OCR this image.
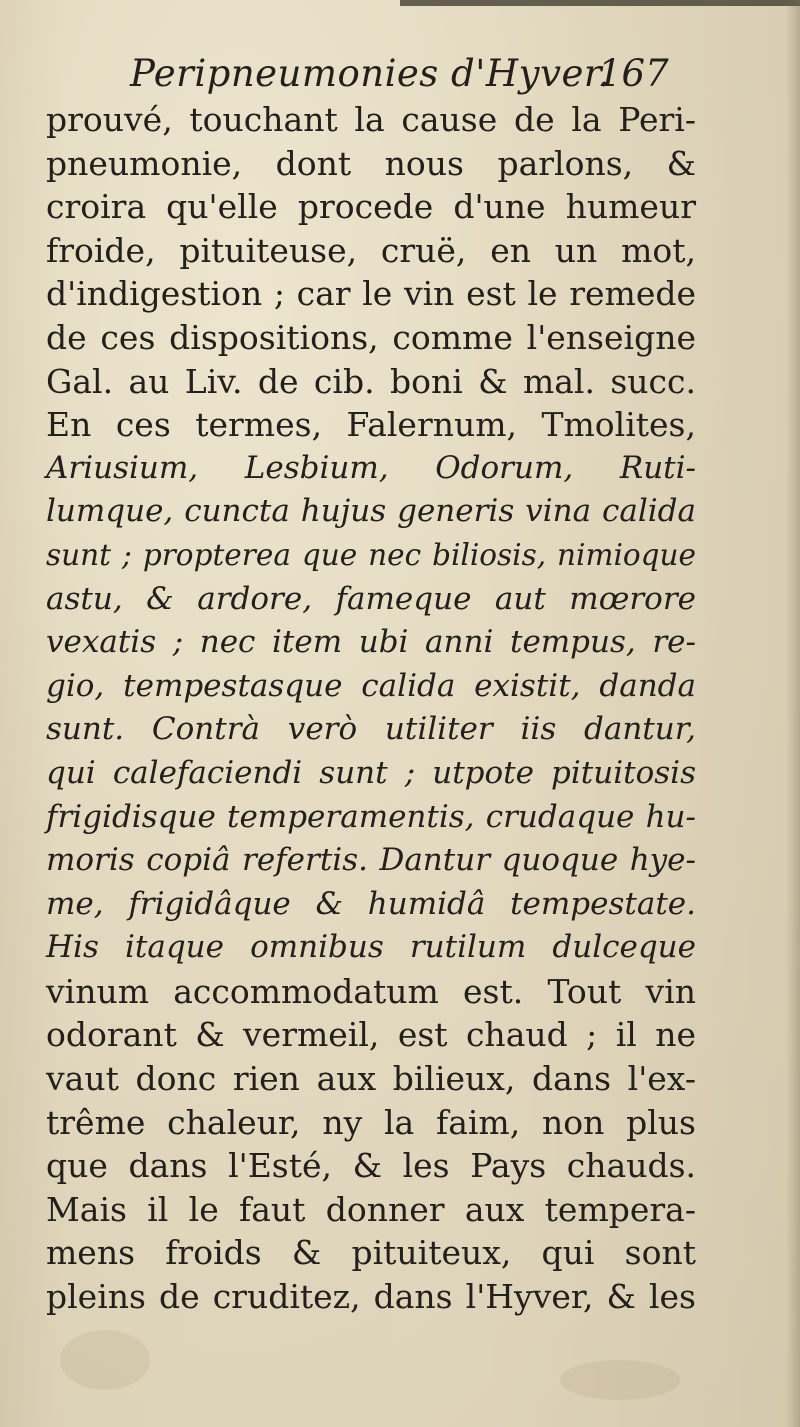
Peripneumonies d'Hyver.
167
prouvé, touchant la cause de la Peri-
pneumonie, dont nous parlons, &
croira qu'elle procede d'une humeur
froide, pituiteuse, cruë, en un mot,
d'indigestion ; car le vin est le remede
de ces dispositions, comme l'enseigne
Gal. au Liv. de cib. boni & mal. succ.
En ces termes, Falernum, Tmolites,
Ariusium, Lesbium, Odorum, Ruti-
lumque, cuncta hujus generis vina calida
sunt ; propterea que nec biliosis, nimioque
astu, & ardore, fameque aut mœrore
vexatis ; nec item ubi anni tempus, re-
gio, tempestasque calida existit, danda
sunt. Contrà verò utiliter iis dantur,
qui calefaciendi sunt ; utpote pituitosis
frigidisque temperamentis, crudaque hu-
moris copiâ refertis. Dantur quoque hye-
me, frigidâque & humidâ tempestate.
His itaque omnibus rutilum dulceque
vinum accommodatum est. Tout vin
odorant & vermeil, est chaud ; il ne
vaut donc rien aux bilieux, dans l'ex-
trême chaleur, ny la faim, non plus
que dans l'Esté, & les Pays chauds.
Mais il le faut donner aux tempera-
mens froids & pituiteux, qui sont
pleins de cruditez, dans l'Hyver, & les
